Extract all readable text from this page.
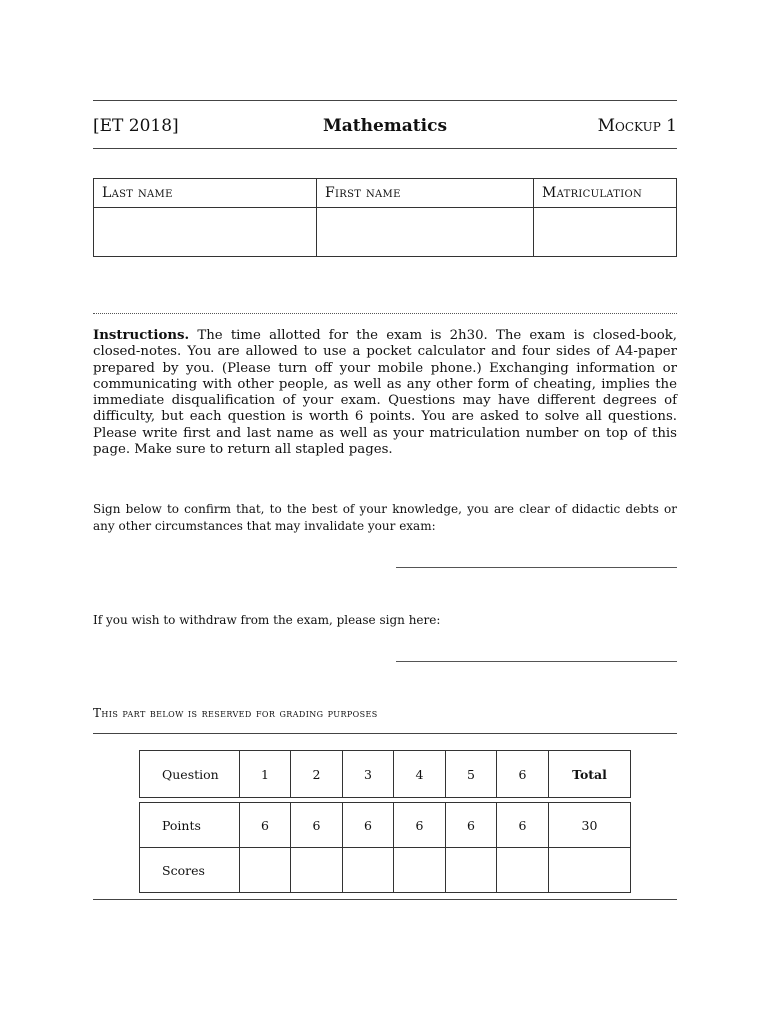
[ET 2018]	Mathematics	Mockup 1
Last name	First name	Matriculation

Instructions. The time allotted for the exam is 2h30. The exam is closed-book, closed-notes. You are allowed to use a pocket calculator and four sides of A4-paper prepared by you. (Please turn off your mobile phone.) Exchanging information or communicating with other people, as well as any other form of cheating, implies the immediate disqualification of your exam. Questions may have different degrees of difficulty, but each question is worth 6 points. You are asked to solve all questions. Please write first and last name as well as your matriculation number on top of this page. Make sure to return all stapled pages.
Sign below to confirm that, to the best of your knowledge, you are clear of didactic debts or any other circumstances that may invalidate your exam:
If you wish to withdraw from the exam, please sign here:
This part below is reserved for grading purposes
Question	1	2	3	4	5	6	Total

Points	6	6	6	6	6	6	30
Scores							
